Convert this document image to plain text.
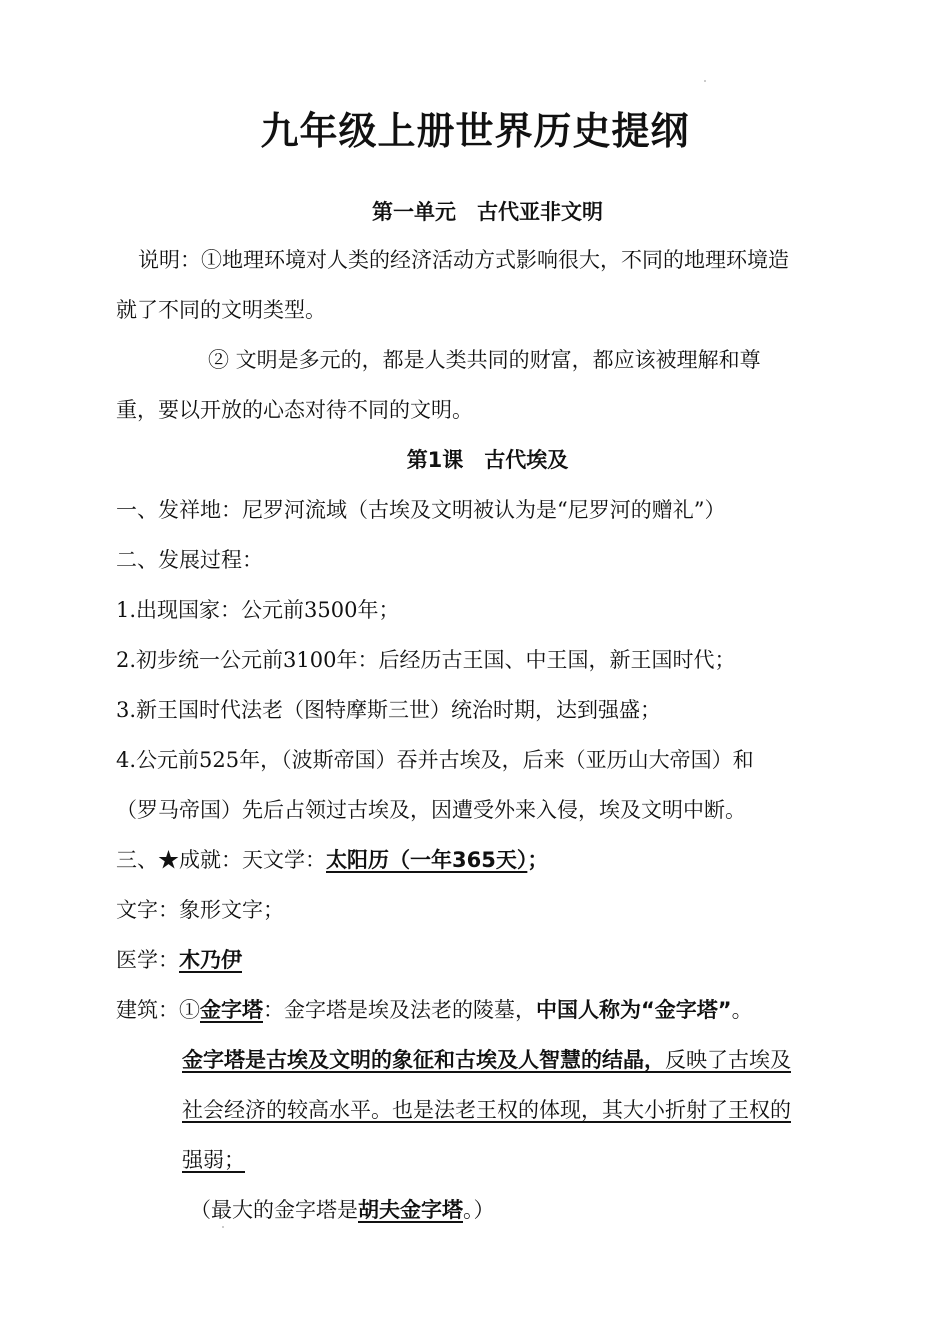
九年级上册世界历史提纲
第一单元　古代亚非文明
说明：①地理环境对人类的经济活动方式影响很大，不同的地理环境造
就了不同的文明类型。
② 文明是多元的，都是人类共同的财富，都应该被理解和尊
重，要以开放的心态对待不同的文明。
第1课　古代埃及
一、发祥地：尼罗河流域（古埃及文明被认为是“尼罗河的赠礼”）
二、发展过程：
1.出现国家：公元前3500年；
2.初步统一公元前3100年：后经历古王国、中王国，新王国时代；
3.新王国时代法老（图特摩斯三世）统治时期，达到强盛；
4.公元前525年，（波斯帝国）吞并古埃及，后来（亚历山大帝国）和
（罗马帝国）先后占领过古埃及，因遭受外来入侵，埃及文明中断。
三、★成就：天文学：太阳历（一年365天）；
文字：象形文字；
医学：木乃伊
建筑：①金字塔：金字塔是埃及法老的陵墓，中国人称为“金字塔”。
金字塔是古埃及文明的象征和古埃及人智慧的结晶，反映了古埃及
社会经济的较高水平。也是法老王权的体现，其大小折射了王权的
强弱；
（最大的金字塔是胡夫金字塔。）
